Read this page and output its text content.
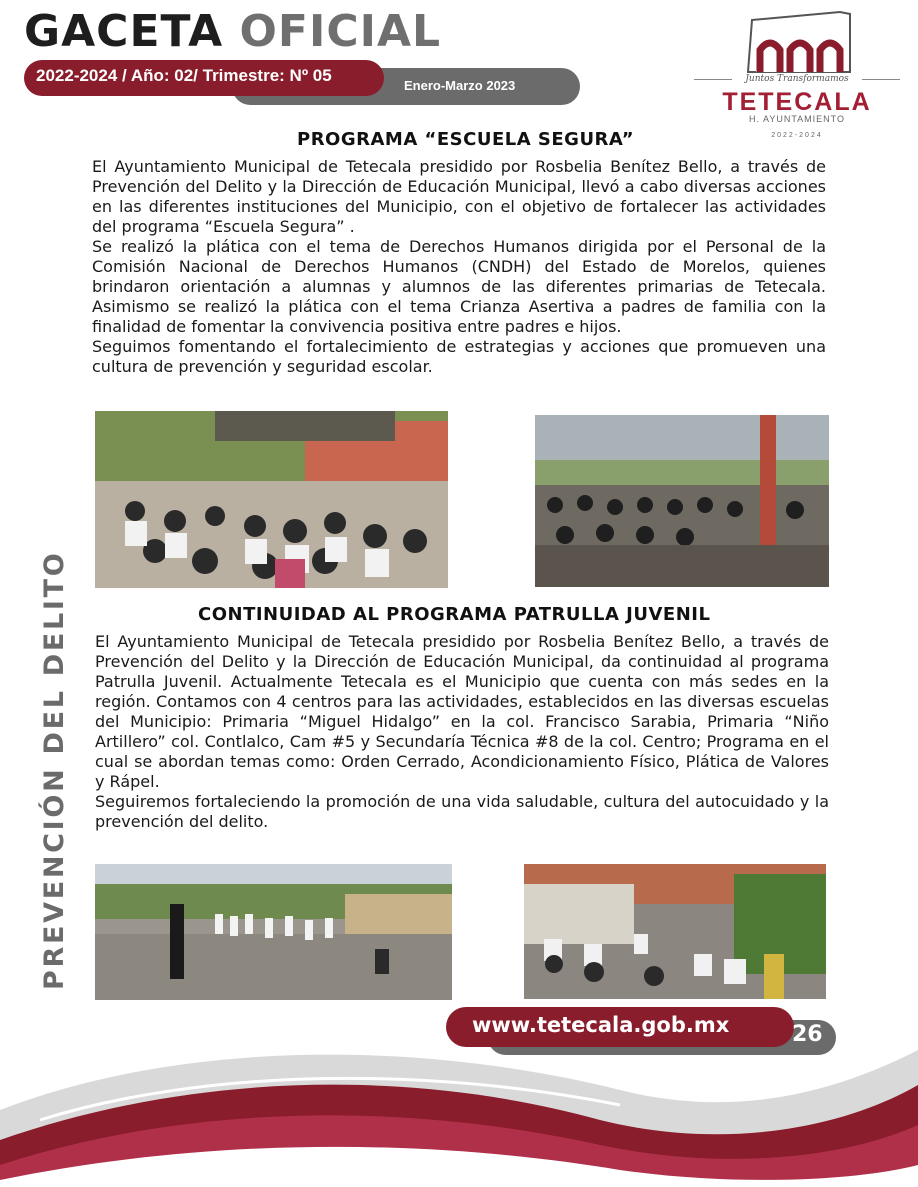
GACETA OFICIAL
Enero-Marzo 2023
2022-2024 / Año: 02/ Trimestre: Nº 05	Juntos Transformamos
TETECALA
H. AYUNTAMIENTO
2022-2024
PREVENCIÓN DEL DELITO
PROGRAMA “ESCUELA SEGURA”

El Ayuntamiento Municipal de Tetecala presidido por Rosbelia Benítez Bello, a través de Prevención del Delito y la Dirección de Educación Municipal, llevó a cabo diversas acciones en las diferentes instituciones del Municipio, con el objetivo de fortalecer las actividades del programa “Escuela Segura” .

Se realizó la plática con el tema de Derechos Humanos dirigida por el Personal de la Comisión Nacional de Derechos Humanos (CNDH) del Estado de Morelos, quienes brindaron orientación a alumnas y alumnos de las diferentes primarias de Tetecala. Asimismo se realizó la plática con el tema Crianza Asertiva a padres de familia con la finalidad de fomentar la convivencia positiva entre padres e hijos.

Seguimos fomentando el fortalecimiento de estrategias y acciones que promueven una cultura de prevención y seguridad escolar.

CONTINUIDAD AL PROGRAMA PATRULLA JUVENIL

El Ayuntamiento Municipal de Tetecala presidido por Rosbelia Benítez Bello, a través de Prevención del Delito y la Dirección de Educación Municipal, da continuidad al programa Patrulla Juvenil. Actualmente Tetecala es el Municipio que cuenta con más sedes en la región. Contamos con 4 centros para las actividades, establecidos en las diversas escuelas del Municipio: Primaria “Miguel Hidalgo” en la col. Francisco Sarabia, Primaria “Niño Artillero” col. Contlalco, Cam #5 y Secundaría Técnica #8 de la col. Centro; Programa en el cual se abordan temas como: Orden Cerrado, Acondicionamiento Físico, Plática de Valores y Rápel.

Seguiremos fortaleciendo la promoción de una vida saludable, cultura del autocuidado y la prevención del delito.

www.tetecala.gob.mx	26
